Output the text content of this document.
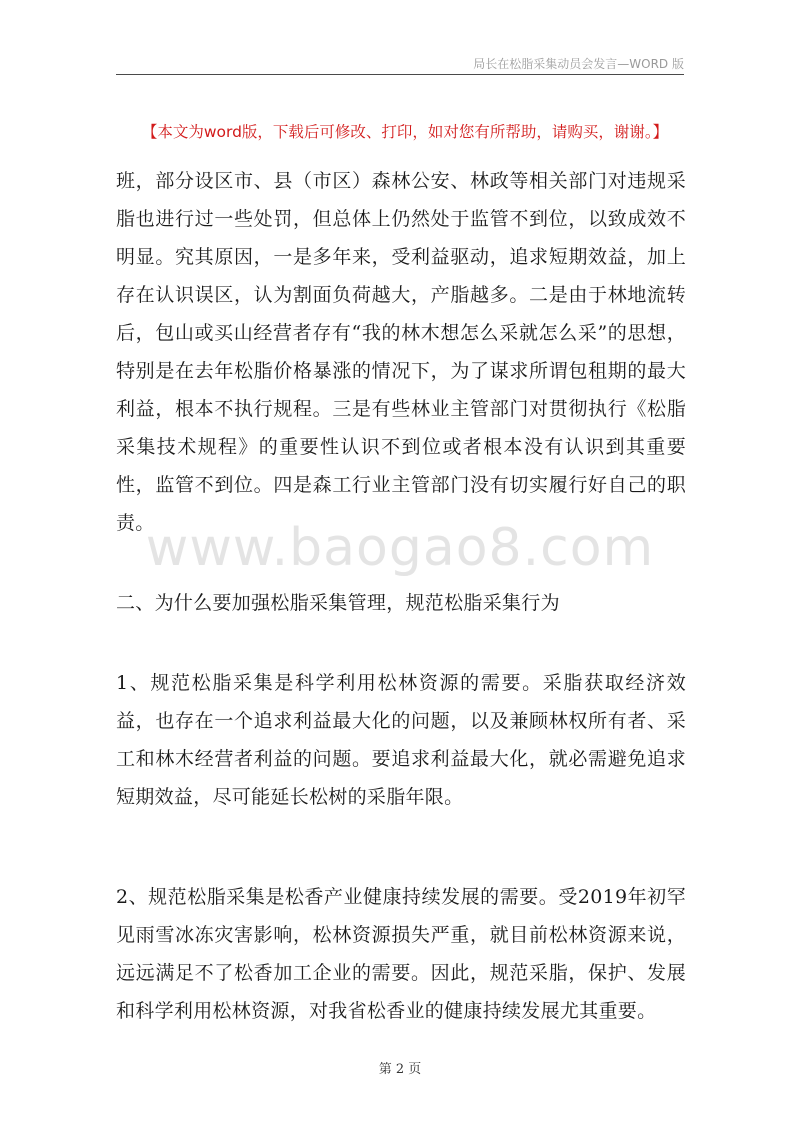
局长在松脂采集动员会发言—WORD 版
【本文为word版，下载后可修改、打印，如对您有所帮助，请购买，谢谢。】
www.baogao8.com

班，部分设区市、县（市区）森林公安、林政等相关部门对违规采脂也进行过一些处罚，但总体上仍然处于监管不到位，以致成效不明显。究其原因，一是多年来，受利益驱动，追求短期效益，加上存在认识误区，认为割面负荷越大，产脂越多。二是由于林地流转后，包山或买山经营者存有“我的林木想怎么采就怎么采”的思想，特别是在去年松脂价格暴涨的情况下，为了谋求所谓包租期的最大利益，根本不执行规程。三是有些林业主管部门对贯彻执行《松脂采集技术规程》的重要性认识不到位或者根本没有认识到其重要性，监管不到位。四是森工行业主管部门没有切实履行好自己的职责。

二、为什么要加强松脂采集管理，规范松脂采集行为

1、规范松脂采集是科学利用松林资源的需要。采脂获取经济效益，也存在一个追求利益最大化的问题，以及兼顾林权所有者、采工和林木经营者利益的问题。要追求利益最大化，就必需避免追求短期效益，尽可能延长松树的采脂年限。

2、规范松脂采集是松香产业健康持续发展的需要。受2019年初罕见雨雪冰冻灾害影响，松林资源损失严重，就目前松林资源来说，远远满足不了松香加工企业的需要。因此，规范采脂，保护、发展和科学利用松林资源，对我省松香业的健康持续发展尤其重要。

第 2 页
